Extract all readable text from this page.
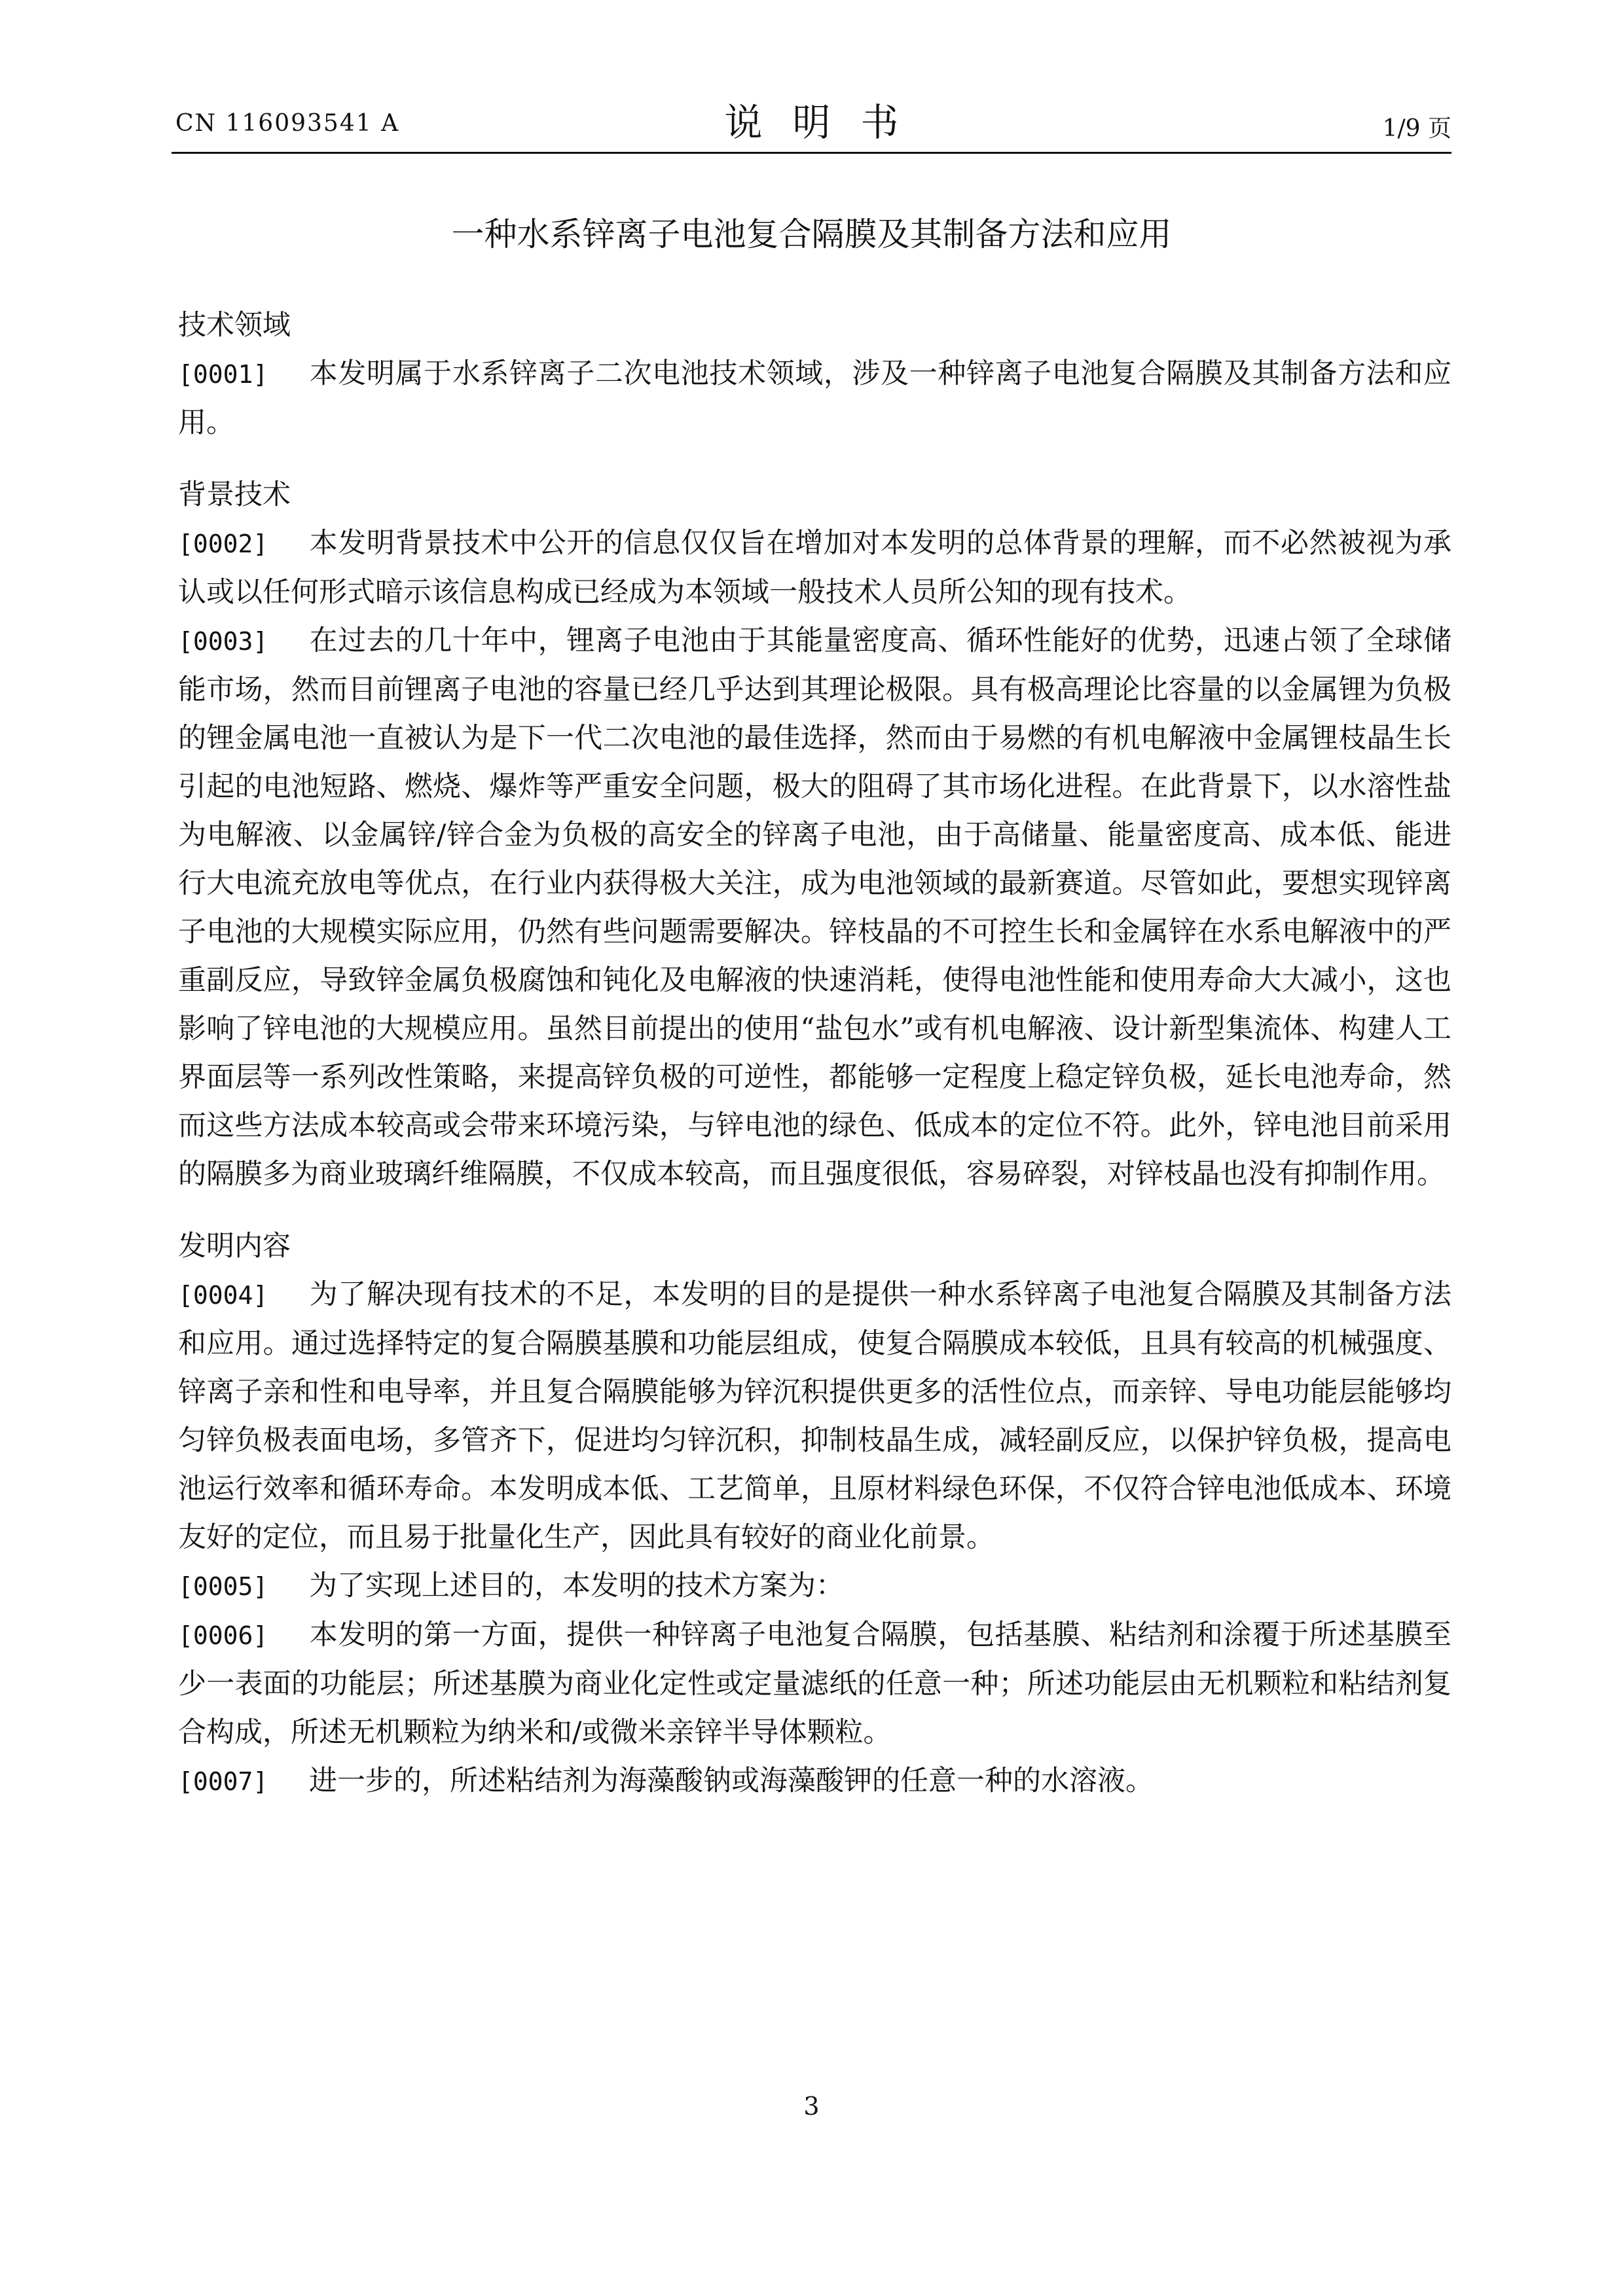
CN 116093541 A	说明书	1/9 页
一种水系锌离子电池复合隔膜及其制备方法和应用
技术领域
[0001] 本发明属于水系锌离子二次电池技术领域，涉及一种锌离子电池复合隔膜及其制备方法和应用。
背景技术
[0002] 本发明背景技术中公开的信息仅仅旨在增加对本发明的总体背景的理解，而不必然被视为承认或以任何形式暗示该信息构成已经成为本领域一般技术人员所公知的现有技术。
[0003] 在过去的几十年中，锂离子电池由于其能量密度高、循环性能好的优势，迅速占领了全球储能市场，然而目前锂离子电池的容量已经几乎达到其理论极限。具有极高理论比容量的以金属锂为负极的锂金属电池一直被认为是下一代二次电池的最佳选择，然而由于易燃的有机电解液中金属锂枝晶生长引起的电池短路、燃烧、爆炸等严重安全问题，极大的阻碍了其市场化进程。在此背景下，以水溶性盐为电解液、以金属锌/锌合金为负极的高安全的锌离子电池，由于高储量、能量密度高、成本低、能进行大电流充放电等优点，在行业内获得极大关注，成为电池领域的最新赛道。尽管如此，要想实现锌离子电池的大规模实际应用，仍然有些问题需要解决。锌枝晶的不可控生长和金属锌在水系电解液中的严重副反应，导致锌金属负极腐蚀和钝化及电解液的快速消耗，使得电池性能和使用寿命大大减小，这也影响了锌电池的大规模应用。虽然目前提出的使用“盐包水”或有机电解液、设计新型集流体、构建人工界面层等一系列改性策略，来提高锌负极的可逆性，都能够一定程度上稳定锌负极，延长电池寿命，然而这些方法成本较高或会带来环境污染，与锌电池的绿色、低成本的定位不符。此外，锌电池目前采用的隔膜多为商业玻璃纤维隔膜，不仅成本较高，而且强度很低，容易碎裂，对锌枝晶也没有抑制作用。
发明内容
[0004] 为了解决现有技术的不足，本发明的目的是提供一种水系锌离子电池复合隔膜及其制备方法和应用。通过选择特定的复合隔膜基膜和功能层组成，使复合隔膜成本较低，且具有较高的机械强度、锌离子亲和性和电导率，并且复合隔膜能够为锌沉积提供更多的活性位点，而亲锌、导电功能层能够均匀锌负极表面电场，多管齐下，促进均匀锌沉积，抑制枝晶生成，减轻副反应，以保护锌负极，提高电池运行效率和循环寿命。本发明成本低、工艺简单，且原材料绿色环保，不仅符合锌电池低成本、环境友好的定位，而且易于批量化生产，因此具有较好的商业化前景。
[0005] 为了实现上述目的，本发明的技术方案为：
[0006] 本发明的第一方面，提供一种锌离子电池复合隔膜，包括基膜、粘结剂和涂覆于所述基膜至少一表面的功能层；所述基膜为商业化定性或定量滤纸的任意一种；所述功能层由无机颗粒和粘结剂复合构成，所述无机颗粒为纳米和/或微米亲锌半导体颗粒。
[0007] 进一步的，所述粘结剂为海藻酸钠或海藻酸钾的任意一种的水溶液。
3
